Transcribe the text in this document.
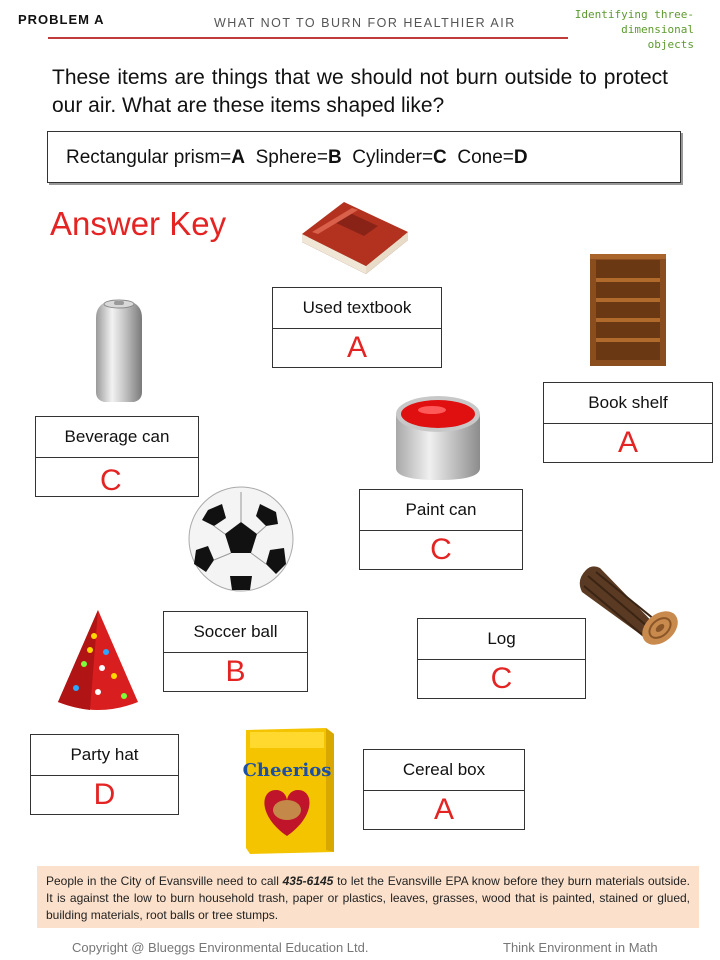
PROBLEM A	WHAT NOT TO BURN FOR HEALTHIER AIR
Identifying three-dimensional objects
These items are things that we should not burn outside to protect our air. What are these items shaped like?
Rectangular prism=A Sphere=B Cylinder=C Cone=D
Answer Key
Cheerios
Used textbook
A
Beverage can
C
Book shelf
A
Paint can
C
Soccer ball
B
Log
C
Party hat
D
Cereal box
A

People in the City of Evansville need to call 435-6145 to let the Evansville EPA know before they burn materials outside. It is against the low to burn household trash, paper or plastics, leaves, grasses, wood that is painted, stained or glued, building materials, root balls or tree stumps.

Copyright @ Blueggs Environmental Education Ltd.	Think Environment in Math
